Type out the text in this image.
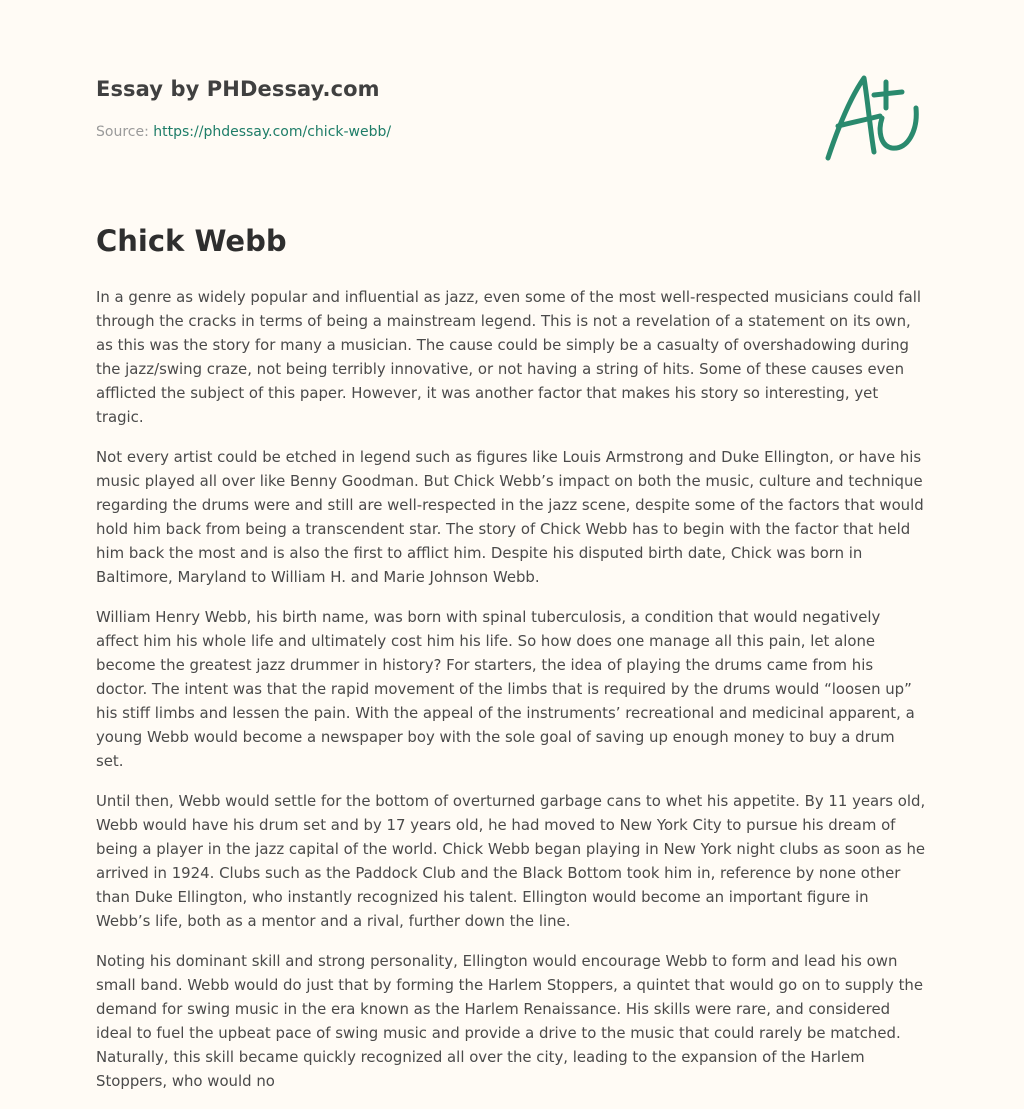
Essay by PHDessay.com
Source: https://phdessay.com/chick-webb/
Chick Webb

In a genre as widely popular and influential as jazz, even some of the most well-respected musicians could fall through the cracks in terms of being a mainstream legend. This is not a revelation of a statement on its own, as this was the story for many a musician. The cause could be simply be a casualty of overshadowing during the jazz/swing craze, not being terribly innovative, or not having a string of hits. Some of these causes even afflicted the subject of this paper. However, it was another factor that makes his story so interesting, yet tragic.

Not every artist could be etched in legend such as figures like Louis Armstrong and Duke Ellington, or have his music played all over like Benny Goodman. But Chick Webb’s impact on both the music, culture and technique regarding the drums were and still are well-respected in the jazz scene, despite some of the factors that would hold him back from being a transcendent star. The story of Chick Webb has to begin with the factor that held him back the most and is also the first to afflict him. Despite his disputed birth date, Chick was born in Baltimore, Maryland to William H. and Marie Johnson Webb.

William Henry Webb, his birth name, was born with spinal tuberculosis, a condition that would negatively affect him his whole life and ultimately cost him his life. So how does one manage all this pain, let alone become the greatest jazz drummer in history? For starters, the idea of playing the drums came from his doctor. The intent was that the rapid movement of the limbs that is required by the drums would “loosen up” his stiff limbs and lessen the pain. With the appeal of the instruments’ recreational and medicinal apparent, a young Webb would become a newspaper boy with the sole goal of saving up enough money to buy a drum set.

Until then, Webb would settle for the bottom of overturned garbage cans to whet his appetite. By 11 years old, Webb would have his drum set and by 17 years old, he had moved to New York City to pursue his dream of being a player in the jazz capital of the world. Chick Webb began playing in New York night clubs as soon as he arrived in 1924. Clubs such as the Paddock Club and the Black Bottom took him in, reference by none other than Duke Ellington, who instantly recognized his talent. Ellington would become an important figure in Webb’s life, both as a mentor and a rival, further down the line.

Noting his dominant skill and strong personality, Ellington would encourage Webb to form and lead his own small band. Webb would do just that by forming the Harlem Stoppers, a quintet that would go on to supply the demand for swing music in the era known as the Harlem Renaissance. His skills were rare, and considered ideal to fuel the upbeat pace of swing music and provide a drive to the music that could rarely be matched. Naturally, this skill became quickly recognized all over the city, leading to the expansion of the Harlem Stoppers, who would no
